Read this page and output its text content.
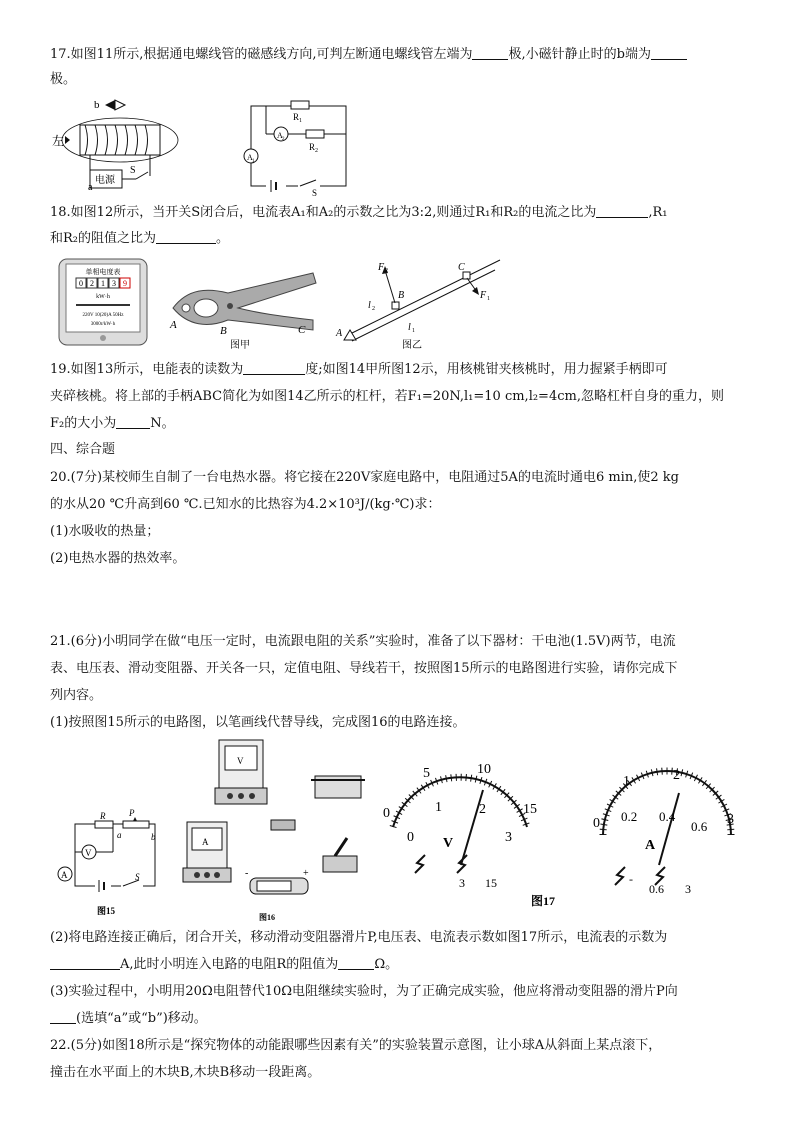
17.如图11所示,根据通电螺线管的磁感线方向,可判左断通电螺线管左端为	极,小磁针静止时的b端为
极。
左
b
电源
a
S
R 1
A 2
R 2
A 1
S
18.如图12所示，当开关S闭合后，电流表A₁和A₂的示数之比为3:2,则通过R₁和R₂的电流之比为	,R₁
和R₂的阻值之比为	。
单相电度表
0 2 1 3 9
kW·h
220V 10(20)A 50Hz
3000r/kW·h	A	B	C
图甲
A
B
C
F 2
F 1
l 2
l 1
图乙
19.如图13所示，电能表的读数为	度;如图14甲所图12示，用核桃钳夹核桃时，用力握紧手柄即可
夹碎核桃。将上部的手柄ABC简化为如图14乙所示的杠杆，若F₁=20N,l₁=10 cm,l₂=4cm,忽略杠杆自身的重力，则
F₂的大小为	N。
四、综合题
20.(7分)某校师生自制了一台电热水器。将它接在220V家庭电路中，电阻通过5A的电流时通电6 min,使2 kg
的水从20 ℃升高到60 ℃.已知水的比热容为4.2×10³J/(kg·℃)求：
(1)水吸收的热量；
(2)电热水器的热效率。
21.(6分)小明同学在做“电压一定时，电流跟电阻的关系”实验时，准备了以下器材：干电池(1.5V)两节，电流
表、电压表、滑动变阻器、开关各一只，定值电阻、导线若干，按照图15所示的电路图进行实验，请你完成下
列内容。
(1)按照图15所示的电路图，以笔画线代替导线，完成图16的电路连接。
R	P
a	b
V
A	S
图15
V
A
-	+
图16
0
5	10
15
0
1	2
3
V
3 15
图17
0
1	2
3
0.2 0.4
0.6
A
-
0.6 3
(2)将电路连接正确后，闭合开关，移动滑动变阻器滑片P,电压表、电流表示数如图17所示，电流表的示数为
A,此时小明连入电路的电阻R的阻值为	Ω。
(3)实验过程中，小明用20Ω电阻替代10Ω电阻继续实验时，为了正确完成实验，他应将滑动变阻器的滑片P向
(选填“a”或“b”)移动。
22.(5分)如图18所示是“探究物体的动能跟哪些因素有关”的实验装置示意图，让小球A从斜面上某点滚下，
撞击在水平面上的木块B,木块B移动一段距离。
